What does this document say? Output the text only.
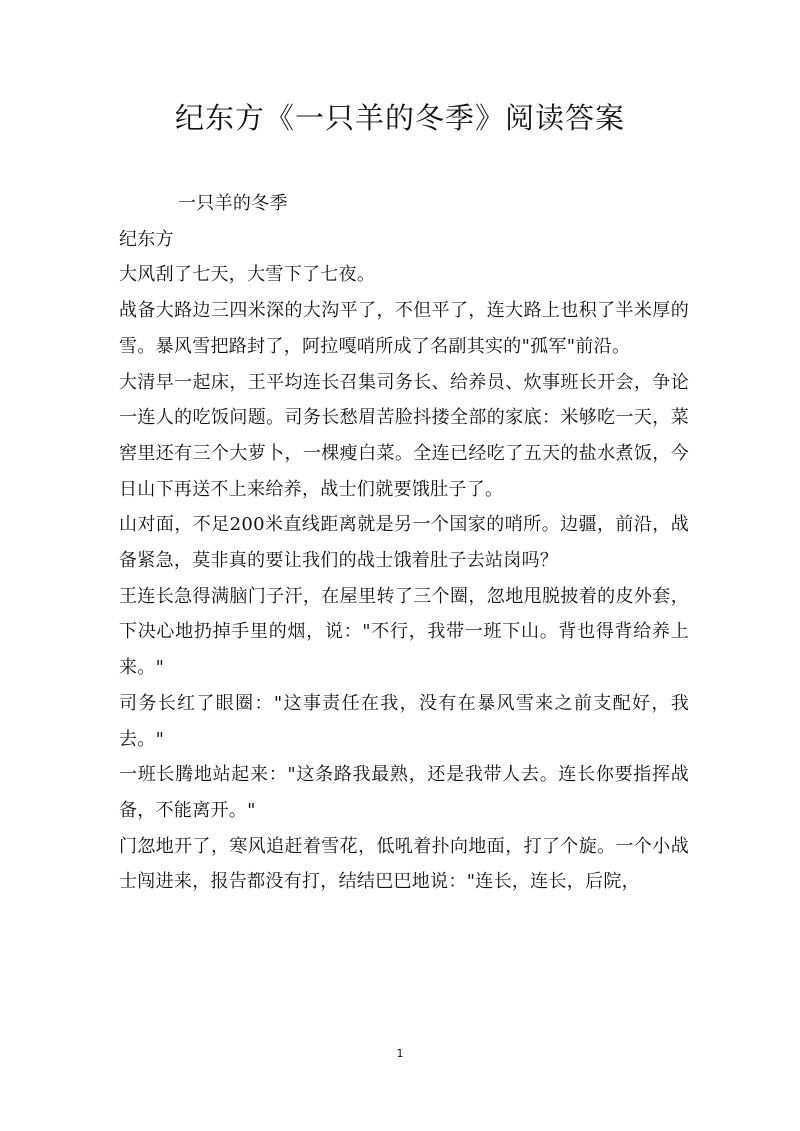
纪东方《一只羊的冬季》阅读答案

一只羊的冬季

纪东方

大风刮了七天，大雪下了七夜。

战备大路边三四米深的大沟平了，不但平了，连大路上也积了半米厚的雪。暴风雪把路封了，阿拉嘎哨所成了名副其实的"孤军"前沿。

大清早一起床，王平均连长召集司务长、给养员、炊事班长开会，争论一连人的吃饭问题。司务长愁眉苦脸抖搂全部的家底：米够吃一天，菜窖里还有三个大萝卜，一棵瘦白菜。全连已经吃了五天的盐水煮饭，今日山下再送不上来给养，战士们就要饿肚子了。

山对面，不足200米直线距离就是另一个国家的哨所。边疆，前沿，战备紧急，莫非真的要让我们的战士饿着肚子去站岗吗？

王连长急得满脑门子汗，在屋里转了三个圈，忽地甩脱披着的皮外套，下决心地扔掉手里的烟，说："不行，我带一班下山。背也得背给养上来。"

司务长红了眼圈："这事责任在我，没有在暴风雪来之前支配好，我去。"

一班长腾地站起来："这条路我最熟，还是我带人去。连长你要指挥战备，不能离开。"

门忽地开了，寒风追赶着雪花，低吼着扑向地面，打了个旋。一个小战士闯进来，报告都没有打，结结巴巴地说："连长，连长，后院，

1
